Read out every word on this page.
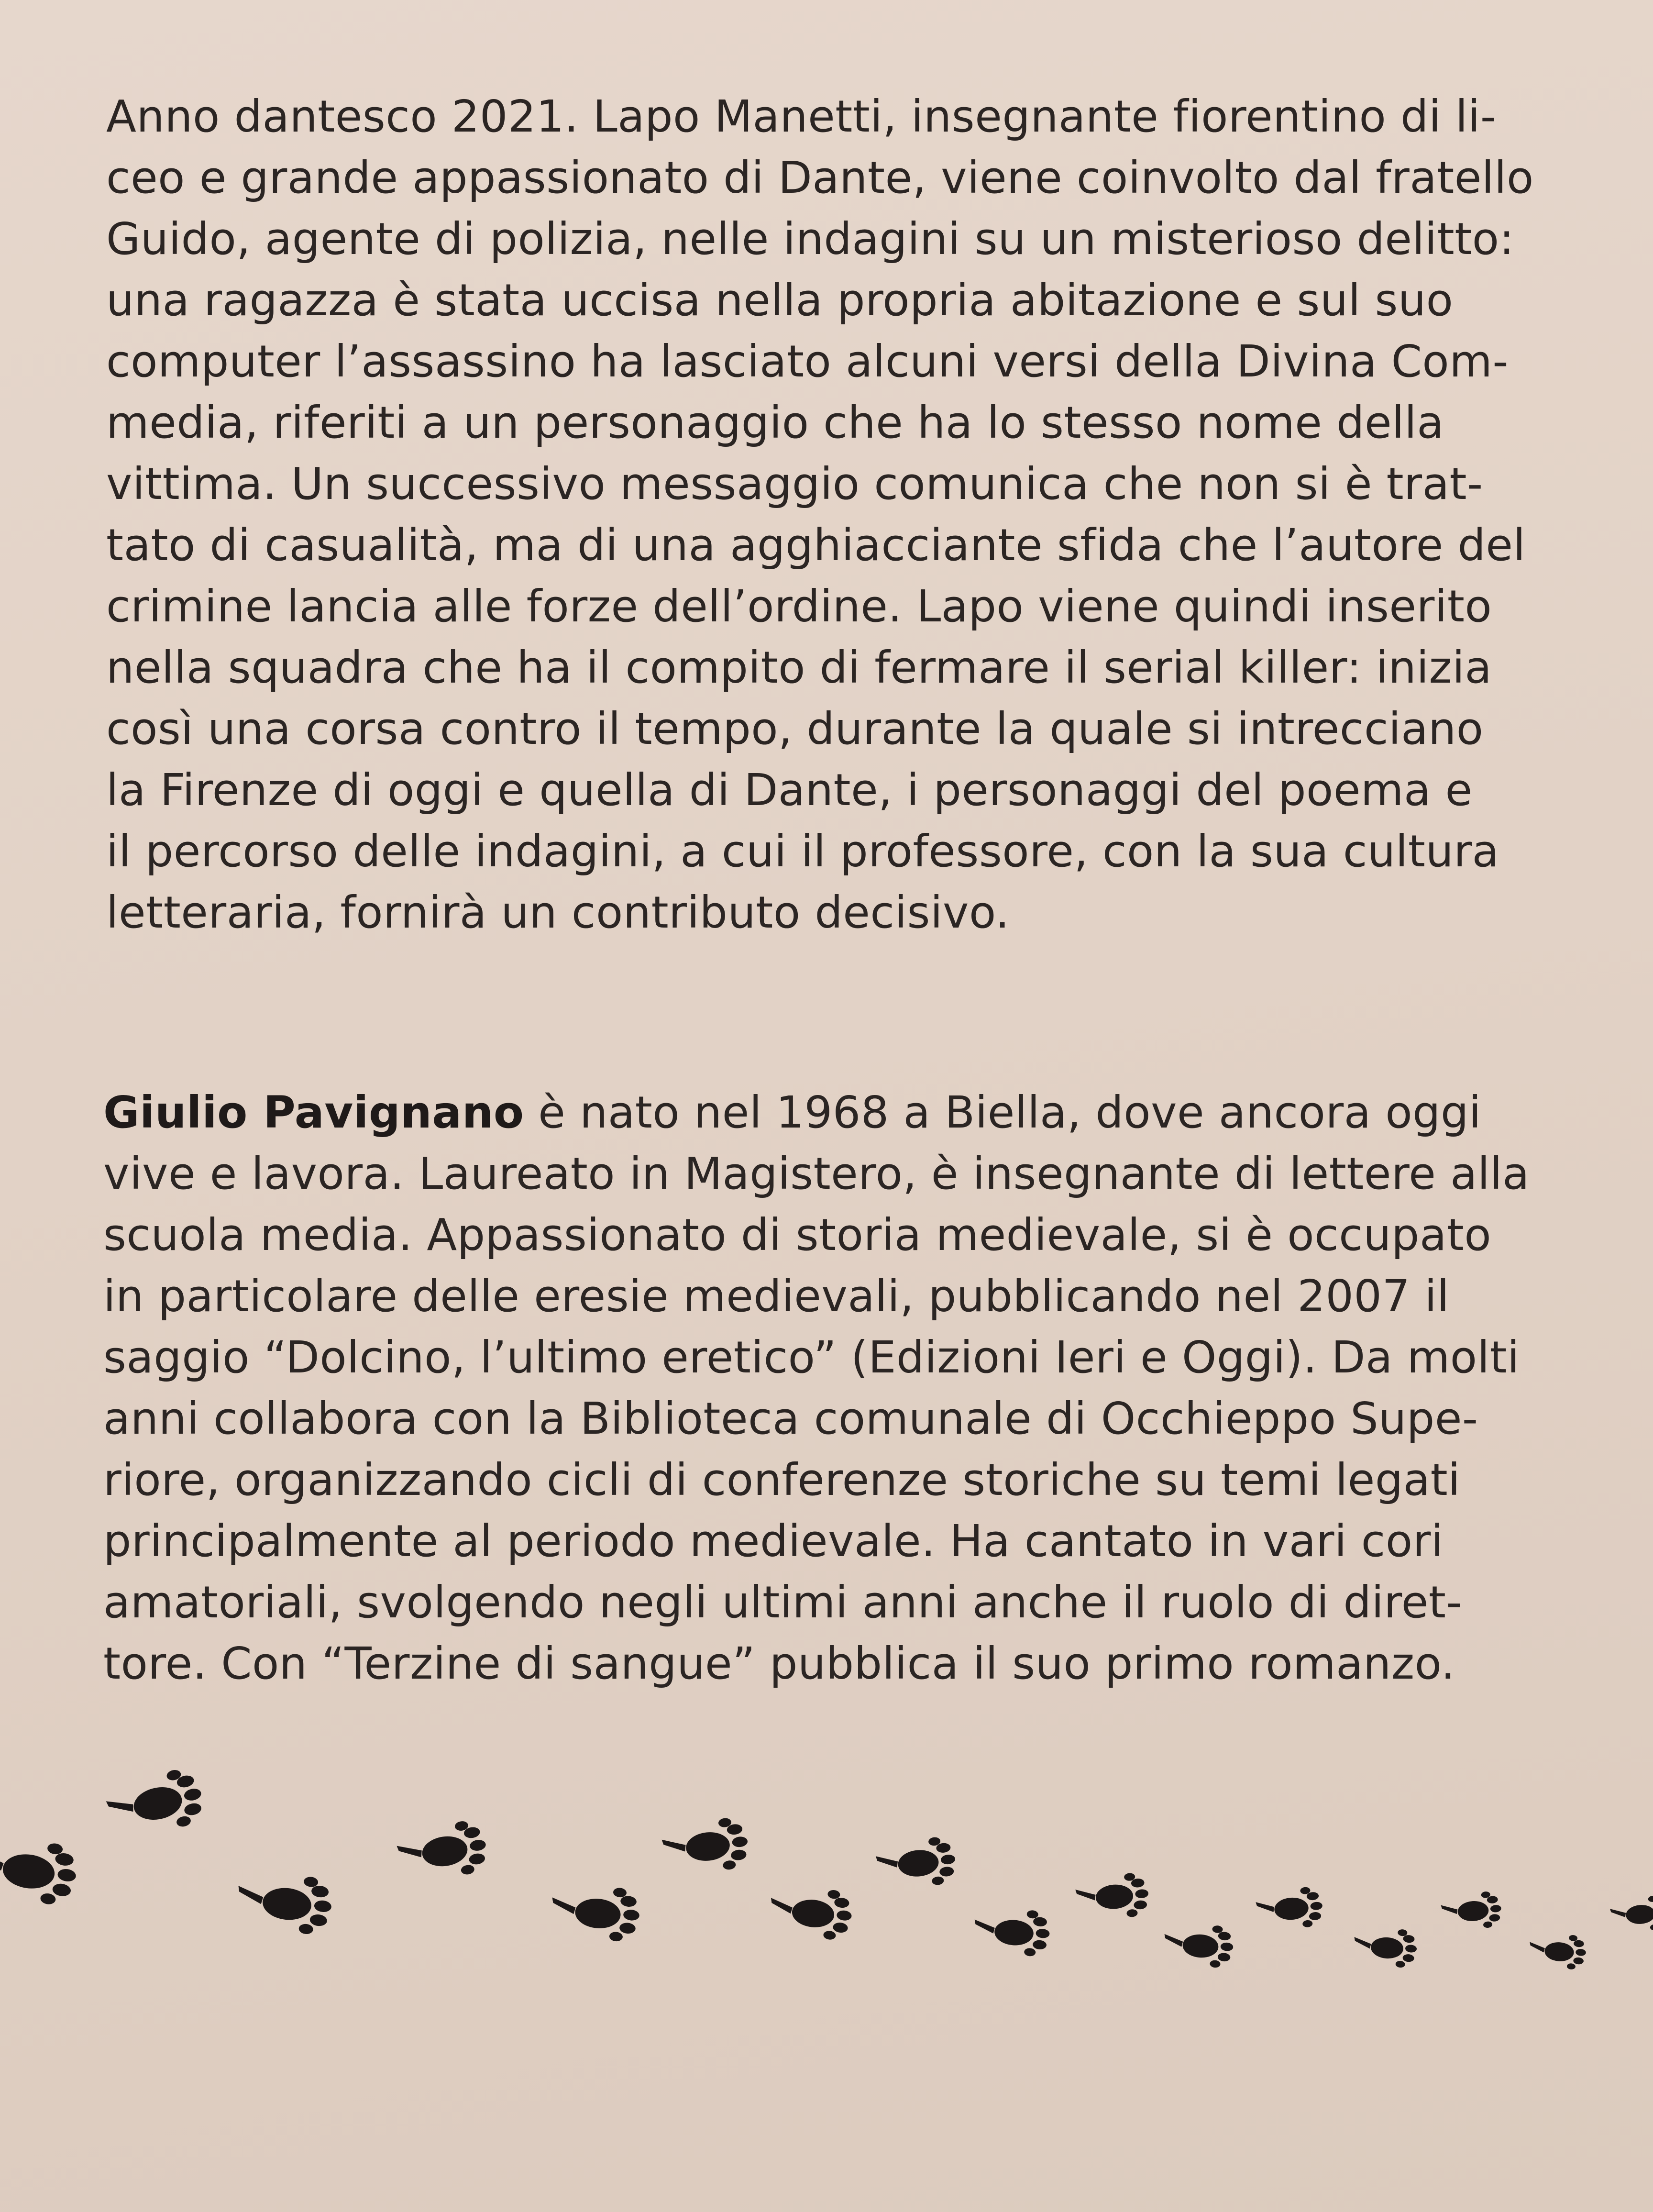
Anno dantesco 2021. Lapo Manetti, insegnante fiorentino di li-
ceo e grande appassionato di Dante, viene coinvolto dal fratello
Guido, agente di polizia, nelle indagini su un misterioso delitto:
una ragazza è stata uccisa nella propria abitazione e sul suo
computer l’assassino ha lasciato alcuni versi della Divina Com-
media, riferiti a un personaggio che ha lo stesso nome della
vittima. Un successivo messaggio comunica che non si è trat-
tato di casualità, ma di una agghiacciante sfida che l’autore del
crimine lancia alle forze dell’ordine. Lapo viene quindi inserito
nella squadra che ha il compito di fermare il serial killer: inizia
così una corsa contro il tempo, durante la quale si intrecciano
la Firenze di oggi e quella di Dante, i personaggi del poema e
il percorso delle indagini, a cui il professore, con la sua cultura
letteraria, fornirà un contributo decisivo.
Giulio Pavignano è nato nel 1968 a Biella, dove ancora oggi
vive e lavora. Laureato in Magistero, è insegnante di lettere alla
scuola media. Appassionato di storia medievale, si è occupato
in particolare delle eresie medievali, pubblicando nel 2007 il
saggio “Dolcino, l’ultimo eretico” (Edizioni Ieri e Oggi). Da molti
anni collabora con la Biblioteca comunale di Occhieppo Supe-
riore, organizzando cicli di conferenze storiche su temi legati
principalmente al periodo medievale. Ha cantato in vari cori
amatoriali, svolgendo negli ultimi anni anche il ruolo di diret-
tore. Con “Terzine di sangue” pubblica il suo primo romanzo.
